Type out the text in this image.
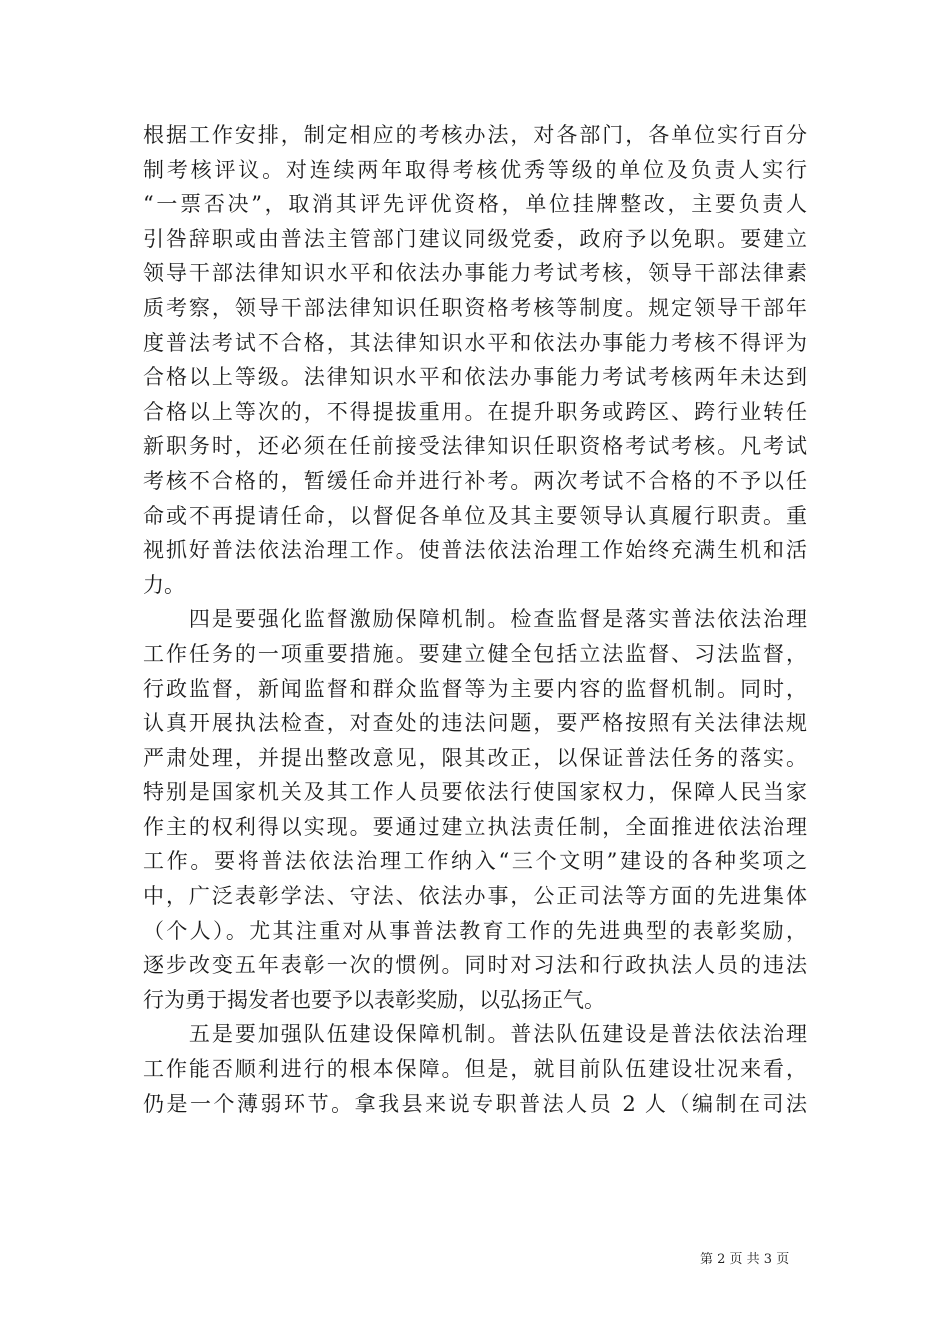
根据工作安排，制定相应的考核办法，对各部门，各单位实行百分
制考核评议。对连续两年取得考核优秀等级的单位及负责人实行
“一票否决”，取消其评先评优资格，单位挂牌整改，主要负责人
引咎辞职或由普法主管部门建议同级党委，政府予以免职。要建立
领导干部法律知识水平和依法办事能力考试考核，领导干部法律素
质考察，领导干部法律知识任职资格考核等制度。规定领导干部年
度普法考试不合格，其法律知识水平和依法办事能力考核不得评为
合格以上等级。法律知识水平和依法办事能力考试考核两年未达到
合格以上等次的，不得提拔重用。在提升职务或跨区、跨行业转任
新职务时，还必须在任前接受法律知识任职资格考试考核。凡考试
考核不合格的，暂缓任命并进行补考。两次考试不合格的不予以任
命或不再提请任命，以督促各单位及其主要领导认真履行职责。重
视抓好普法依法治理工作。使普法依法治理工作始终充满生机和活
力。
　　四是要强化监督激励保障机制。检查监督是落实普法依法治理
工作任务的一项重要措施。要建立健全包括立法监督、习法监督，
行政监督，新闻监督和群众监督等为主要内容的监督机制。同时，
认真开展执法检查，对查处的违法问题，要严格按照有关法律法规
严肃处理，并提出整改意见，限其改正，以保证普法任务的落实。
特别是国家机关及其工作人员要依法行使国家权力，保障人民当家
作主的权利得以实现。要通过建立执法责任制，全面推进依法治理
工作。要将普法依法治理工作纳入“三个文明”建设的各种奖项之
中，广泛表彰学法、守法、依法办事，公正司法等方面的先进集体
（个人）。尤其注重对从事普法教育工作的先进典型的表彰奖励，
逐步改变五年表彰一次的惯例。同时对习法和行政执法人员的违法
行为勇于揭发者也要予以表彰奖励，以弘扬正气。
　　五是要加强队伍建设保障机制。普法队伍建设是普法依法治理
工作能否顺利进行的根本保障。但是，就目前队伍建设壮况来看，
仍是一个薄弱环节。拿我县来说专职普法人员 2 人（编制在司法
第 2 页 共 3 页
